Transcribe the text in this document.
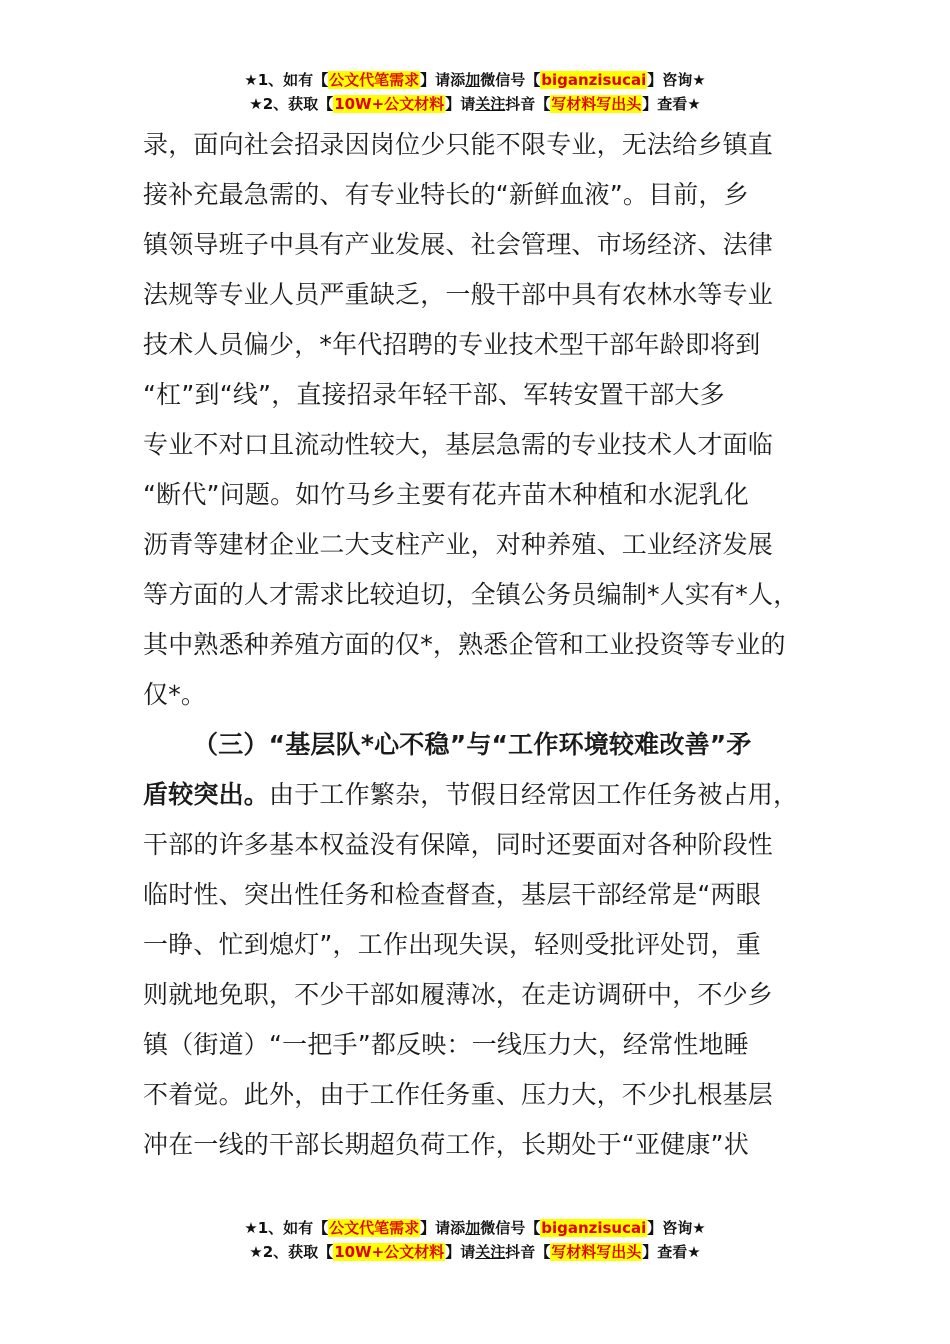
★1、如有【公文代笔需求】请添加微信号【biganzisucai】咨询★
★2、获取【10W+公文材料】请关注抖音【写材料写出头】查看★
录，面向社会招录因岗位少只能不限专业，无法给乡镇直
接补充最急需的、有专业特长的“新鲜血液”。目前，乡
镇领导班子中具有产业发展、社会管理、市场经济、法律
法规等专业人员严重缺乏，一般干部中具有农林水等专业
技术人员偏少，*年代招聘的专业技术型干部年龄即将到
“杠”到“线”，直接招录年轻干部、军转安置干部大多
专业不对口且流动性较大，基层急需的专业技术人才面临
“断代”问题。如竹马乡主要有花卉苗木种植和水泥乳化
沥青等建材企业二大支柱产业，对种养殖、工业经济发展
等方面的人才需求比较迫切，全镇公务员编制*人实有*人，
其中熟悉种养殖方面的仅*，熟悉企管和工业投资等专业的
仅*。
（三）“基层队*心不稳”与“工作环境较难改善”矛
盾较突出。由于工作繁杂，节假日经常因工作任务被占用，
干部的许多基本权益没有保障，同时还要面对各种阶段性
临时性、突出性任务和检查督查，基层干部经常是“两眼
一睁、忙到熄灯”，工作出现失误，轻则受批评处罚，重
则就地免职，不少干部如履薄冰，在走访调研中，不少乡
镇（街道）“一把手”都反映：一线压力大，经常性地睡
不着觉。此外，由于工作任务重、压力大，不少扎根基层
冲在一线的干部长期超负荷工作，长期处于“亚健康”状
★1、如有【公文代笔需求】请添加微信号【biganzisucai】咨询★
★2、获取【10W+公文材料】请关注抖音【写材料写出头】查看★
